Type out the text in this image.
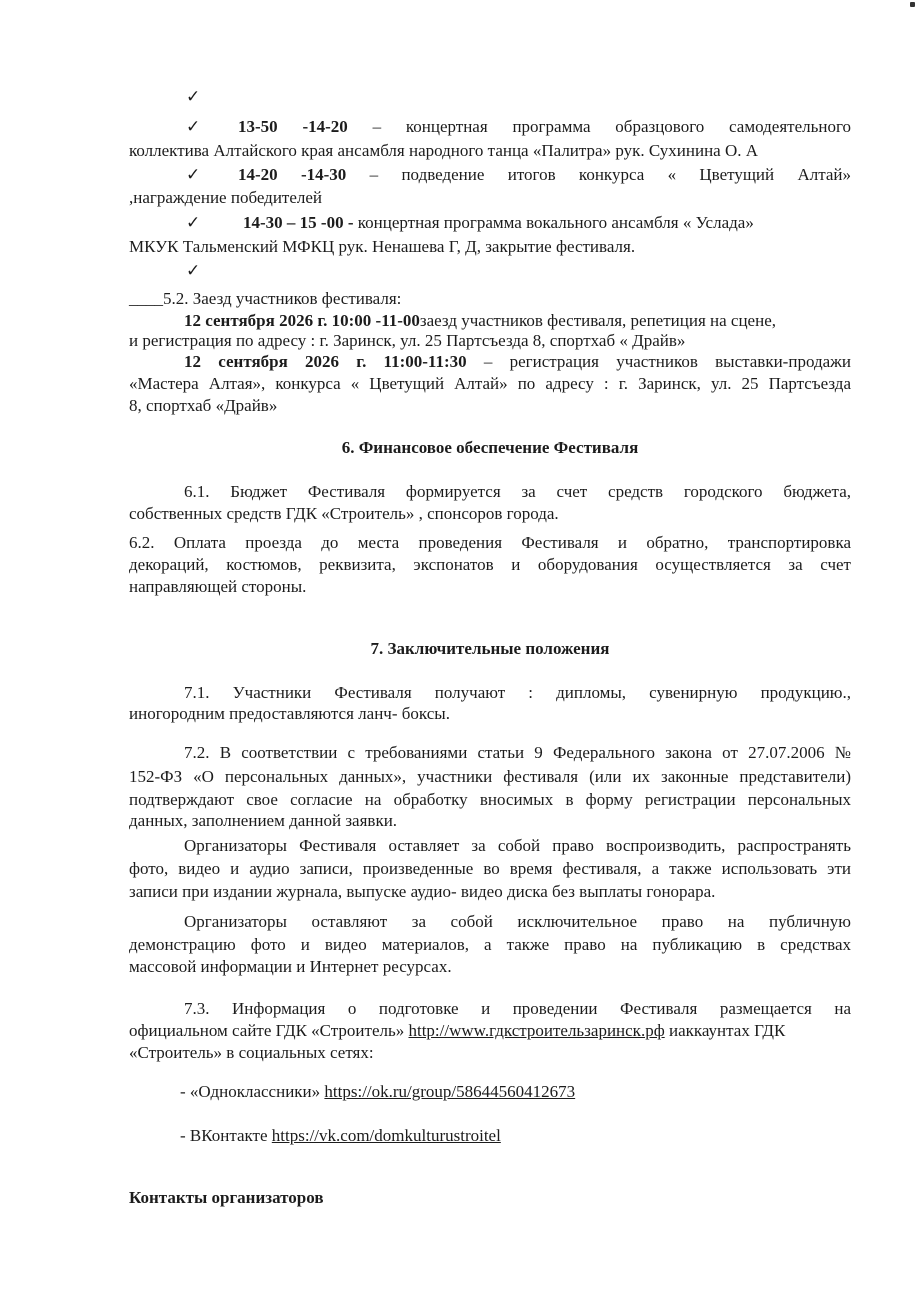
✓
✓ 13-50 -14-20 – концертная программа образцового самодеятельного
коллектива Алтайского края ансамбля народного танца «Палитра» рук. Сухинина О. А
✓ 14-20 -14-30 – подведение итогов конкурса « Цветущий Алтай»
,награждение победителей
✓	14-30 – 15 -00 - концертная программа вокального ансамбля « Услада»
МКУК Тальменский МФКЦ рук. Ненашева Г, Д, закрытие фестиваля.
✓
____5.2. Заезд участников фестиваля:
12 сентября 2026 г. 10:00 -11-00заезд участников фестиваля, репетиция на сцене,
и регистрация по адресу : г. Заринск, ул. 25 Партсъезда 8, спортхаб « Драйв»
12 сентября 2026 г. 11:00-11:30 – регистрация участников выставки-продажи
«Мастера Алтая», конкурса « Цветущий Алтай» по адресу : г. Заринск, ул. 25 Партсъезда
8, спортхаб «Драйв»
6. Финансовое обеспечение Фестиваля
6.1. Бюджет Фестиваля формируется за счет средств городского бюджета,
собственных средств ГДК «Строитель» , спонсоров города.
6.2. Оплата проезда до места проведения Фестиваля и обратно, транспортировка
декораций, костюмов, реквизита, экспонатов и оборудования осуществляется за счет
направляющей стороны.
7. Заключительные положения
7.1. Участники Фестиваля получают : дипломы, сувенирную продукцию.,
иногородним предоставляются ланч- боксы.
7.2. В соответствии с требованиями статьи 9 Федерального закона от 27.07.2006 №
152-ФЗ «О персональных данных», участники фестиваля (или их законные представители)
подтверждают свое согласие на обработку вносимых в форму регистрации персональных
данных, заполнением данной заявки.
Организаторы Фестиваля оставляет за собой право воспроизводить, распространять
фото, видео и аудио записи, произведенные во время фестиваля, а также использовать эти
записи при издании журнала, выпуске аудио- видео диска без выплаты гонорара.
Организаторы оставляют за собой исключительное право на публичную
демонстрацию фото и видео материалов, а также право на публикацию в средствах
массовой информации и Интернет ресурсах.
7.3. Информация о подготовке и проведении Фестиваля размещается на
официальном сайте ГДК «Строитель» http://www.гдкстроительзаринск.рф иаккаунтах ГДК
«Строитель» в социальных сетях:
- «Одноклассники» https://ok.ru/group/58644560412673
- ВКонтакте https://vk.com/domkulturustroitel
Контакты организаторов
